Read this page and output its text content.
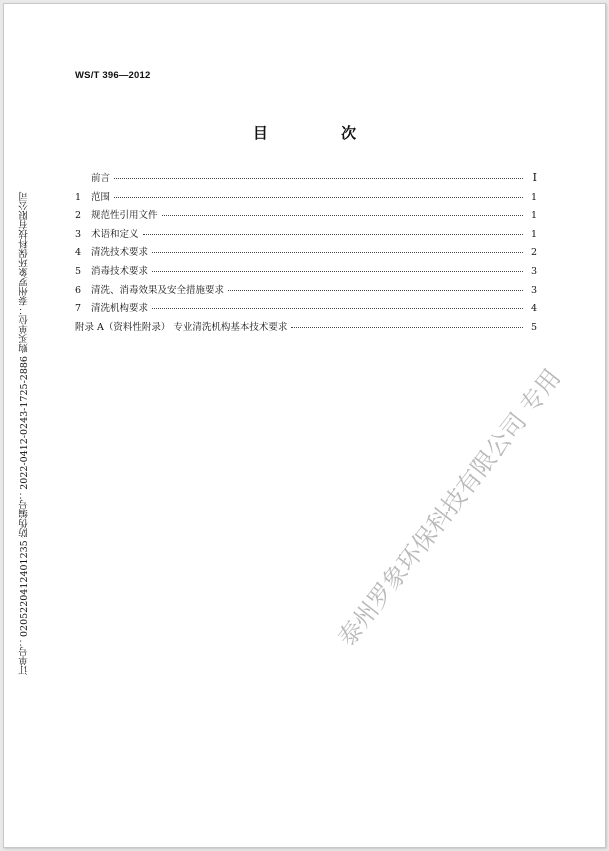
WS/T 396—2012
目 次
前言	I
1	范围	1
2	规范性引用文件	1
3	术语和定义	1
4	清洗技术要求	2
5	消毒技术要求	3
6	清洗、消毒效果及安全措施要求	3
7	清洗机构要求	4
附录 A（资料性附录） 专业清洗机构基本技术要求	5
订单号：0205220412401235 防伪编号：2022-0412-0243-1725-2886 购买单位：泰州罗象环保科技有限公司	泰州罗象环保科技有限公司 专用
